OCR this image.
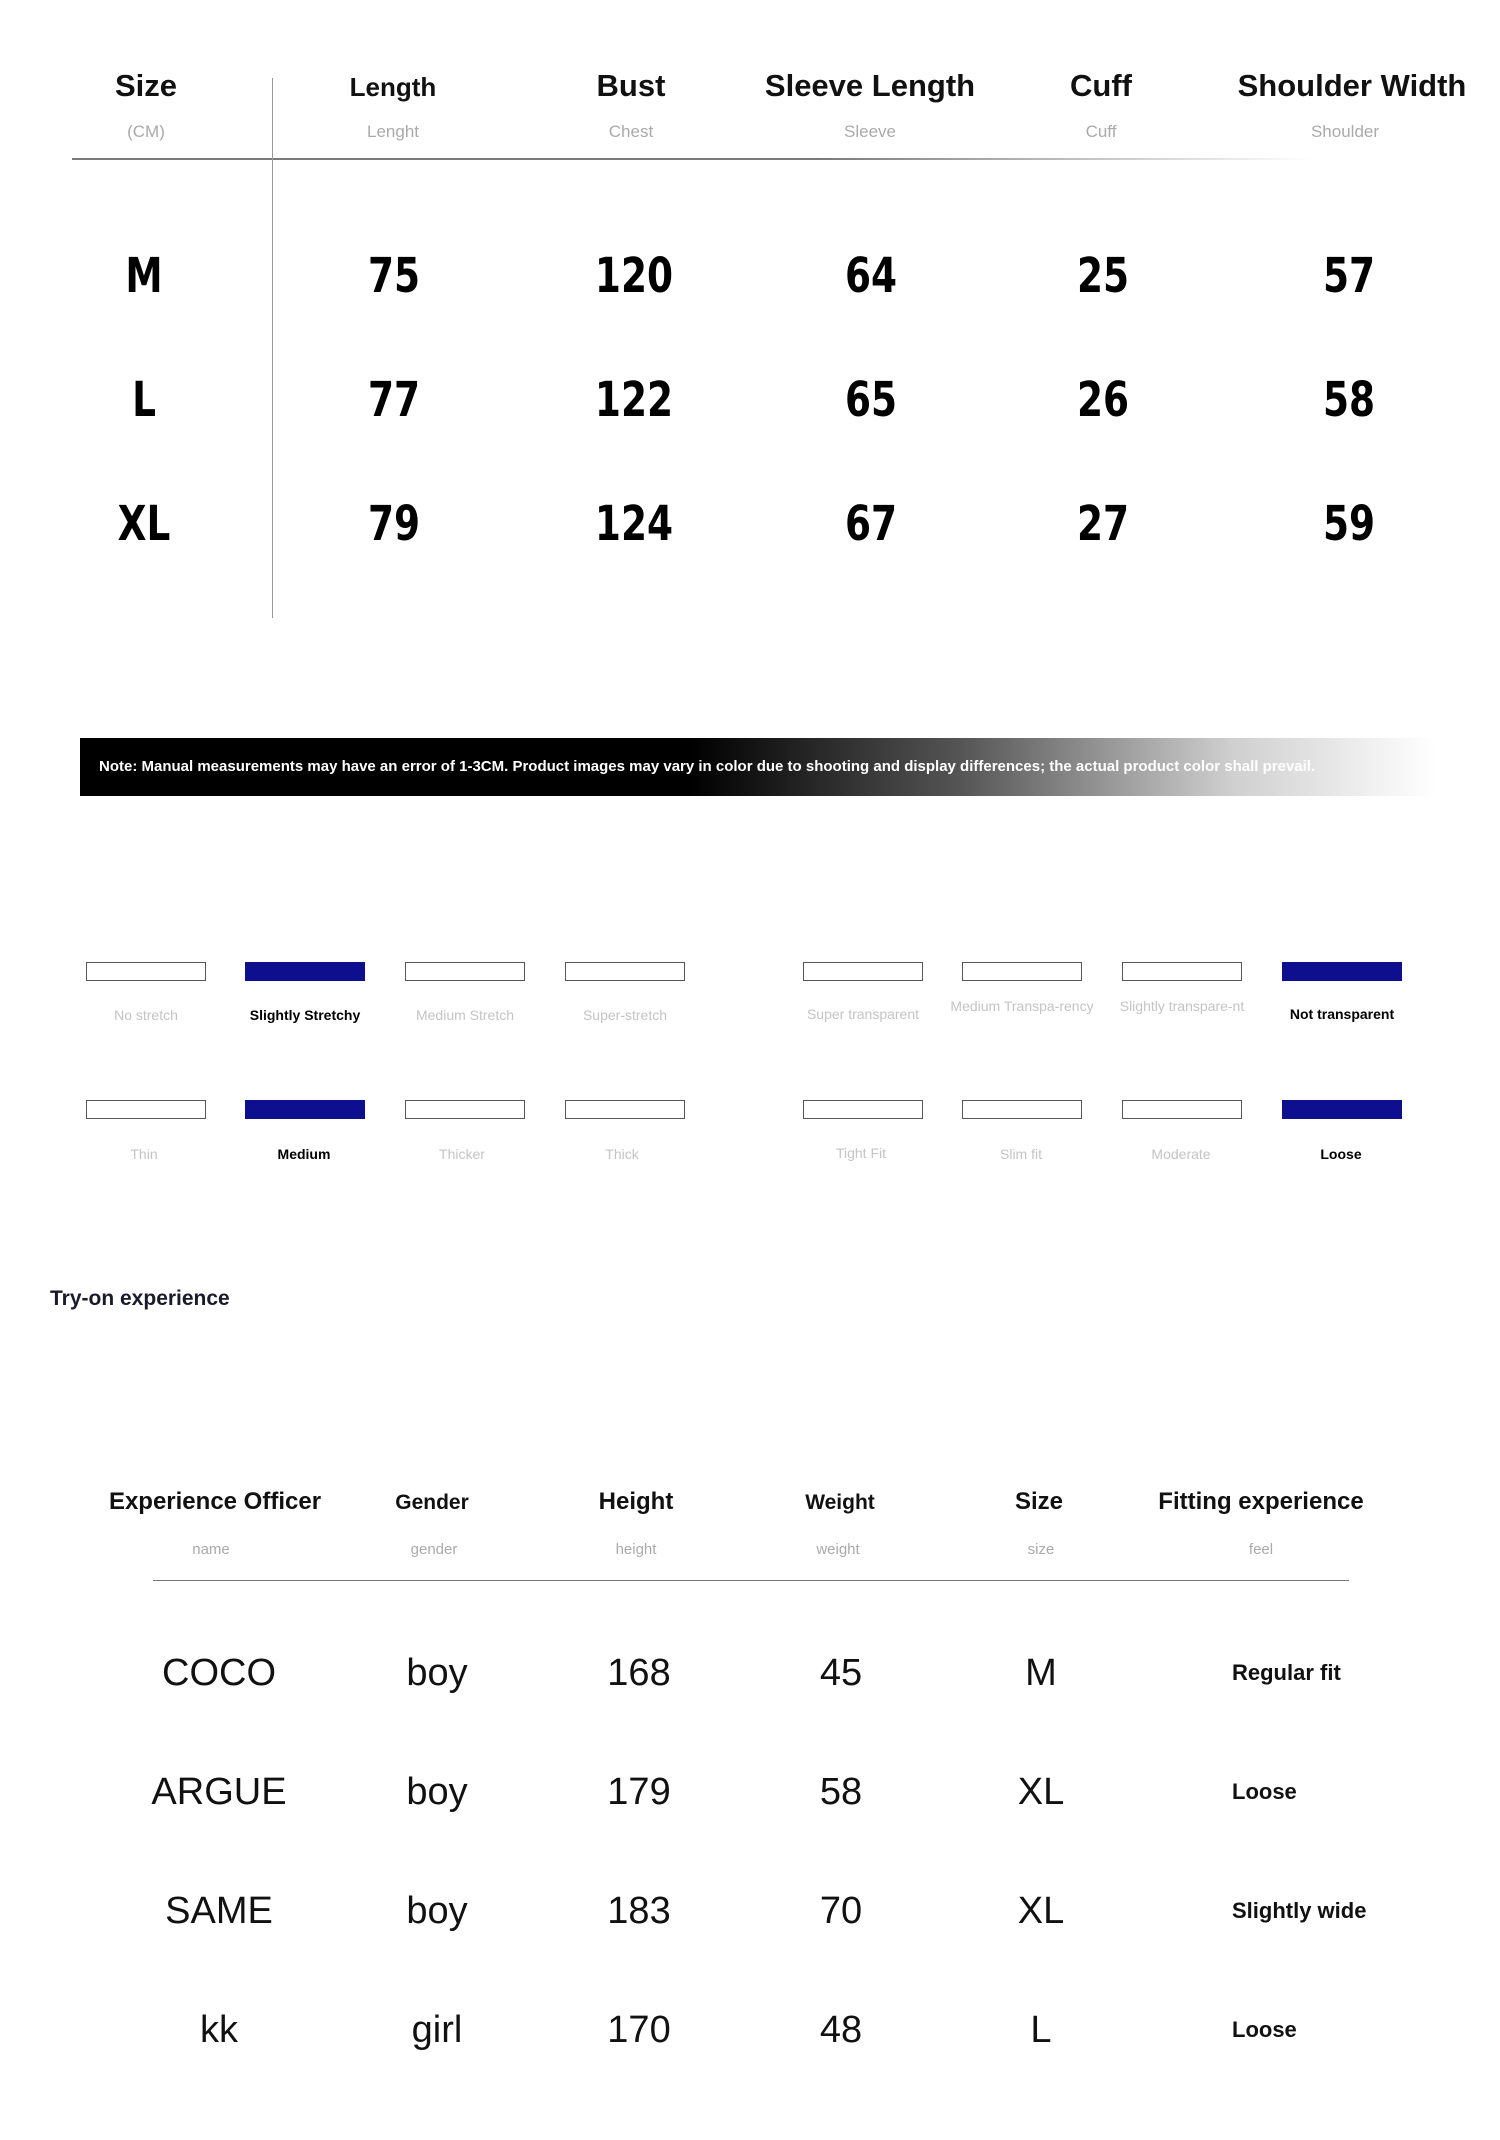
Size	Length	Bust	Sleeve Length	Cuff	Shoulder Width
(CM)	Lenght	Chest	Sleeve	Cuff	Shoulder
M	75	120	64	25	57
L	77	122	65	26	58
XL	79	124	67	27	59
Note: Manual measurements may have an error of 1-3CM. Product images may vary in color due to shooting and display differences; the actual product color shall prevail.
No stretch	Slightly Stretchy	Medium Stretch	Super-stretch	Super transparent	Medium Transpa-rency	Slightly transpare-nt	Not transparent
Thin	Medium	Thicker	Thick	Tight Fit	Slim fit	Moderate	Loose
Try-on experience
Experience Officer	Gender	Height	Weight	Size	Fitting experience
name	gender	height	weight	size	feel
COCO	boy	168	45	M	Regular fit
ARGUE	boy	179	58	XL	Loose
SAME	boy	183	70	XL	Slightly wide
kk	girl	170	48	L	Loose
